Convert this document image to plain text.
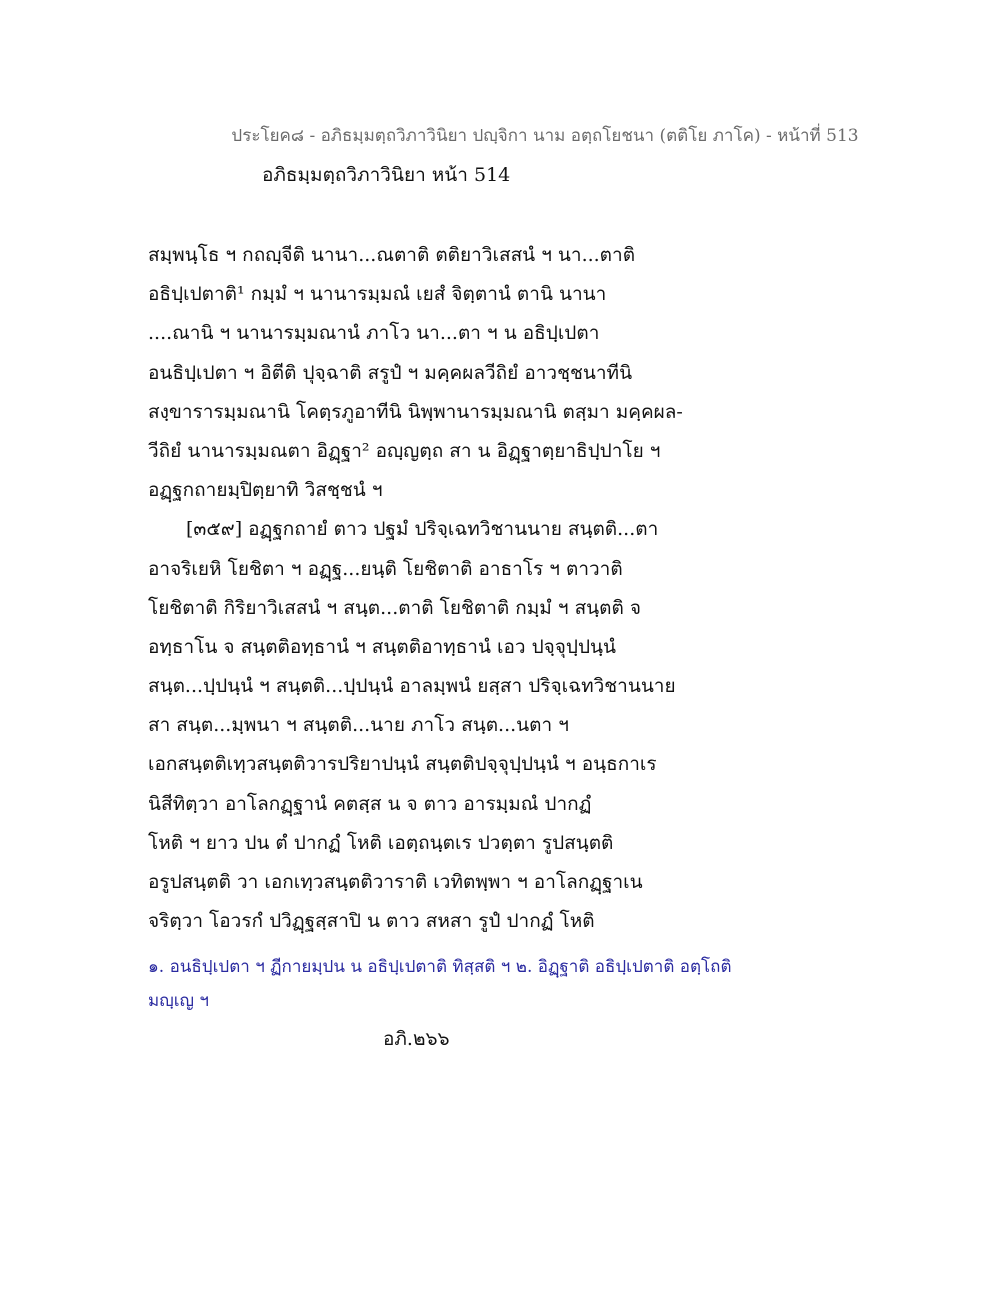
ประโยค๘ - อภิธมฺมตฺถวิภาวินิยา ปญฺจิกา นาม อตฺถโยชนา (ตติโย ภาโค) - หน้าที่ 513
อภิธมฺมตฺถวิภาวินิยา หน้า 514
สมฺพนฺโธ ฯ กถญฺจีติ นานา...ณตาติ ตติยาวิเสสนํ ฯ นา...ตาติ
อธิปฺเปตาติ¹ กมฺมํ ฯ นานารมฺมณํ เยสํ จิตฺตานํ ตานิ นานา
....ณานิ ฯ นานารมฺมณานํ ภาโว นา...ตา ฯ น อธิปฺเปตา
อนธิปฺเปตา ฯ อิตีติ ปุจฺฉาติ สรูปํ ฯ มคฺคผลวีถิยํ อาวชฺชนาทีนิ
สงฺขารารมฺมณานิ โคตฺรภูอาทีนิ นิพฺพานารมฺมณานิ ตสฺมา มคฺคผล-
วีถิยํ นานารมฺมณตา อิฏฺฐา² อญฺญตฺถ สา น อิฏฺฐาตฺยาธิปฺปาโย ฯ
อฏฺฐกถายมฺปิตฺยาทิ วิสชฺชนํ ฯ
[๓๕๙] อฏฺฐกถายํ ตาว ปฐมํ ปริจฺเฉทวิชานนาย สนฺตติ...ตา
อาจริเยหิ โยชิตา ฯ อฏฺฐ...ยนฺติ โยชิตาติ อาธาโร ฯ ตาวาติ
โยชิตาติ กิริยาวิเสสนํ ฯ สนฺต...ตาติ โยชิตาติ กมฺมํ ฯ สนฺตติ จ
อทฺธาโน จ สนฺตติอทฺธานํ ฯ สนฺตติอาทฺธานํ เอว ปจฺจุปฺปนฺนํ
สนฺต...ปฺปนฺนํ ฯ สนฺตติ...ปฺปนฺนํ อาลมฺพนํ ยสฺสา ปริจฺเฉทวิชานนาย
สา สนฺต...มฺพนา ฯ สนฺตติ...นาย ภาโว สนฺต...นตา ฯ
เอกสนฺตติเทฺวสนฺตติวารปริยาปนฺนํ สนฺตติปจฺจุปฺปนฺนํ ฯ อนฺธกาเร
นิสีทิตฺวา อาโลกฏฺฐานํ คตสฺส น จ ตาว อารมฺมณํ ปากฏํ
โหติ ฯ ยาว ปน ตํ ปากฏํ โหติ เอตฺถนฺตเร ปวตฺตา รูปสนฺตติ
อรูปสนฺตติ วา เอกเทฺวสนฺตติวาราติ เวทิตพฺพา ฯ อาโลกฏฺฐาเน
จริตฺวา โอวรกํ ปวิฏฺฐสฺสาปิ น ตาว สหสา รูปํ ปากฏํ โหติ
๑. อนธิปฺเปตา ฯ ฏีกายมฺปน น อธิปฺเปตาติ ทิสฺสติ ฯ ๒. อิฏฺฐาติ อธิปฺเปตาติ อตฺโถติ
มญฺเญ ฯ
อภิ.๒๖๖
